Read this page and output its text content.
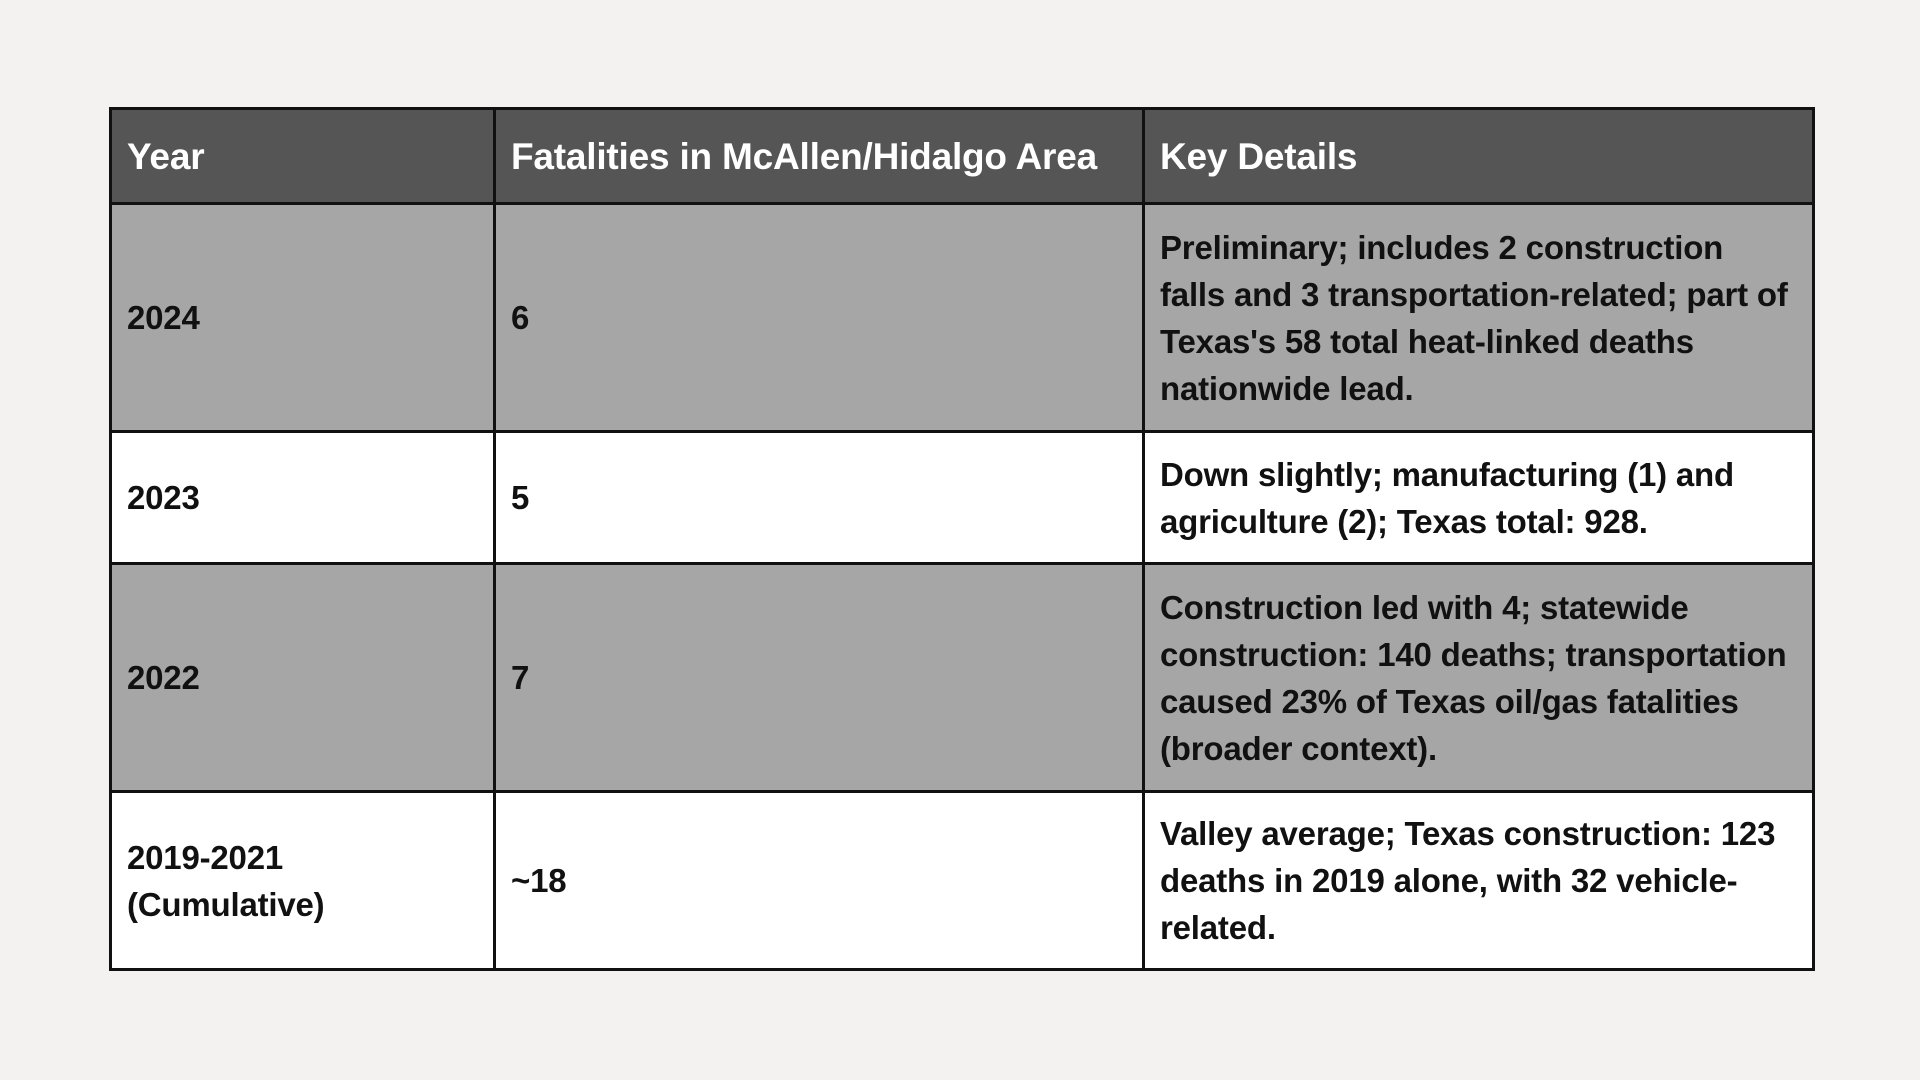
Year	Fatalities in McAllen/Hidalgo Area	Key Details

2024	6	Preliminary; includes 2 construction falls and 3 transportation-related; part of Texas's 58 total heat-linked deaths nationwide lead.

2023	5	Down slightly; manufacturing (1) and agriculture (2); Texas total: 928.

2022	7	Construction led with 4; statewide construction: 140 deaths; transportation caused 23% of Texas oil/gas fatalities (broader context).

2019-2021 (Cumulative)	~18	Valley average; Texas construction: 123 deaths in 2019 alone, with 32 vehicle-related.
